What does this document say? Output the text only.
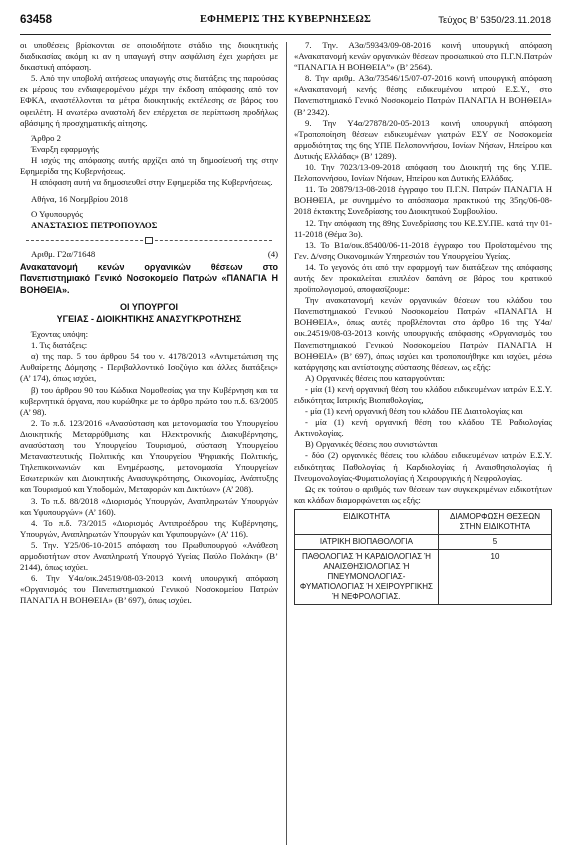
63458	ΕΦΗΜΕΡΙΣ ΤΗΣ ΚΥΒΕΡΝΗΣΕΩΣ	Τεύχος Β’ 5350/23.11.2018

οι υποθέσεις βρίσκονται σε οποιοδήποτε στάδιο της διοικητικής διαδικασίας ακόμη κι αν η υπαγωγή στην ασφάλιση έχει χωρήσει με δικαστική απόφαση.

5. Από την υποβολή αιτήσεως υπαγωγής στις διατάξεις της παρούσας εκ μέρους του ενδιαφερομένου μέχρι την έκδοση απόφασης από τον ΕΦΚΑ, αναστέλλονται τα μέτρα διοικητικής εκτέλεσης σε βάρος του οφειλέτη. Η ανωτέρω αναστολή δεν επέρχεται σε περίπτωση προδήλως αβάσιμης ή προσχηματικής αίτησης.

Άρθρο 2

Έναρξη εφαρμογής

Η ισχύς της απόφασης αυτής αρχίζει από τη δημοσίευσή της στην Εφημερίδα της Κυβερνήσεως.

Η απόφαση αυτή να δημοσιευθεί στην Εφημερίδα της Κυβερνήσεως.

Αθήνα, 16 Νοεμβρίου 2018

Ο Υφυπουργός

ΑΝΑΣΤΑΣΙΟΣ ΠΕΤΡΟΠΟΥΛΟΣ

Αριθμ. Γ2α/71648	(4)

Ανακατανομή κενών οργανικών θέσεων στο Πανεπιστημιακό Γενικό Νοσοκομείο Πατρών «ΠΑΝΑΓΙΑ Η ΒΟΗΘΕΙΑ».

ΟΙ ΥΠΟΥΡΓΟΙ

ΥΓΕΙΑΣ - ΔΙΟΙΚΗΤΙΚΗΣ ΑΝΑΣΥΓΚΡΟΤΗΣΗΣ

Έχοντας υπόψη:

1. Τις διατάξεις:

α) της παρ. 5 του άρθρου 54 του ν. 4178/2013 «Αντιμετώπιση της Αυθαίρετης Δόμησης - Περιβαλλοντικό Ισοζύγιο και άλλες διατάξεις» (Α’ 174), όπως ισχύει,

β) του άρθρου 90 του Κώδικα Νομοθεσίας για την Κυβέρνηση και τα κυβερνητικά όργανα, που κυρώθηκε με το άρθρο πρώτο του π.δ. 63/2005 (Α’ 98).

2. Το π.δ. 123/2016 «Ανασύσταση και μετονομασία του Υπουργείου Διοικητικής Μεταρρύθμισης και Ηλεκτρονικής Διακυβέρνησης, ανασύσταση του Υπουργείου Τουρισμού, σύσταση Υπουργείου Μεταναστευτικής Πολιτικής και Υπουργείου Ψηφιακής Πολιτικής, Τηλεπικοινωνιών και Ενημέρωσης, μετονομασία Υπουργείων Εσωτερικών και Διοικητικής Ανασυγκρότησης, Οικονομίας, Ανάπτυξης και Τουρισμού και Υποδομών, Μεταφορών και Δικτύων» (Α’ 208).

3. Το π.δ. 88/2018 «Διορισμός Υπουργών, Αναπληρωτών Υπουργών και Υφυπουργών» (Α’ 160).

4. Το π.δ. 73/2015 «Διορισμός Αντιπροέδρου της Κυβέρνησης, Υπουργών, Αναπληρωτών Υπουργών και Υφυπουργών» (Α’ 116).

5. Την. Υ25/06-10-2015 απόφαση του Πρωθυπουργού «Ανάθεση αρμοδιοτήτων στον Αναπληρωτή Υπουργό Υγείας Παύλο Πολάκη» (Β’ 2144), όπως ισχύει.

6. Την Υ4α/οικ.24519/08-03-2013 κοινή υπουργική απόφαση «Οργανισμός του Πανεπιστημιακού Γενικού Νοσοκομείου Πατρών ΠΑΝΑΓΙΑ Η ΒΟΗΘΕΙΑ» (Β’ 697), όπως ισχύει.

7. Την. Α3α/59343/09-08-2016 κοινή υπουργική απόφαση «Ανακατανομή κενών οργανικών θέσεων προσωπικού στο Π.Γ.Ν.Πατρών “ΠΑΝΑΓΙΑ Η ΒΟΗΘΕΙΑ”» (Β’ 2564).

8. Την αριθμ. Α3α/73546/15/07-07-2016 κοινή υπουργική απόφαση «Ανακατανομή κενής θέσης ειδικευμένου ιατρού Ε.Σ.Υ., στο Πανεπιστημιακό Γενικό Νοσοκομείο Πατρών ΠΑΝΑΓΙΑ Η ΒΟΗΘΕΙΑ» (Β’ 2342).

9. Την Υ4α/27878/20-05-2013 κοινή υπουργική απόφαση «Τροποποίηση θέσεων ειδικευμένων γιατρών ΕΣΥ σε Νοσοκομεία αρμοδιότητας της 6ης ΥΠΕ Πελοποννήσου, Ιονίων Νήσων, Ηπείρου και Δυτικής Ελλάδας» (Β’ 1289).

10. Την 7023/13-09-2018 απόφαση του Διοικητή της 6ης Υ.ΠΕ. Πελοποννήσου, Ιονίων Νήσων, Ηπείρου και Δυτικής Ελλάδας.

11. Το 20879/13-08-2018 έγγραφο του Π.Γ.Ν. Πατρών ΠΑΝΑΓΙΑ Η ΒΟΗΘΕΙΑ, με συνημμένο το απόσπασμα πρακτικού της 35ης/06-08-2018 έκτακτης Συνεδρίασης του Διοικητικού Συμβουλίου.

12. Την απόφαση της 89ης Συνεδρίασης του ΚΕ.ΣΥ.ΠΕ. κατά την 01-11-2018 (Θέμα 3ο).

13. Το Β1α/οικ.85400/06-11-2018 έγγραφο του Προϊσταμένου της Γεν. Δ/νσης Οικονομικών Υπηρεσιών του Υπουργείου Υγείας.

14. Το γεγονός ότι από την εφαρμογή των διατάξεων της απόφασης αυτής δεν προκαλείται επιπλέον δαπάνη σε βάρος του κρατικού προϋπολογισμού, αποφασίζουμε:

Την ανακατανομή κενών οργανικών θέσεων του κλάδου του Πανεπιστημιακού Γενικού Νοσοκομείου Πατρών «ΠΑΝΑΓΙΑ Η ΒΟΗΘΕΙΑ», όπως αυτές προβλέπονται στο άρθρο 16 της Υ4α/οικ.24519/08-03-2013 κοινής υπουργικής απόφασης «Οργανισμός του Πανεπιστημιακού Γενικού Νοσοκομείου Πατρών ΠΑΝΑΓΙΑ Η ΒΟΗΘΕΙΑ» (Β’ 697), όπως ισχύει και τροποποιήθηκε και ισχύει, μέσω κατάργησης και αντίστοιχης σύστασης θέσεων, ως εξής:

Α) Οργανικές θέσεις που καταργούνται:

- μία (1) κενή οργανική θέση του κλάδου ειδικευμένων ιατρών Ε.Σ.Υ. ειδικότητας Ιατρικής Βιοπαθολογίας,

- μία (1) κενή οργανική θέση του κλάδου ΠΕ Διαιτολογίας και

- μία (1) κενή οργανική θέση του κλάδου ΤΕ Ραδιολογίας Ακτινολογίας.

Β) Οργανικές θέσεις που συνιστώνται

- δύο (2) οργανικές θέσεις του κλάδου ειδικευμένων ιατρών Ε.Σ.Υ. ειδικότητας Παθολογίας ή Καρδιολογίας ή Αναισθησιολογίας ή Πνευμονολογίας-Φυματιολογίας ή Χειρουργικής ή Νεφρολογίας.

Ως εκ τούτου ο αριθμός των θέσεων των συγκεκριμένων ειδικοτήτων και κλάδων διαμορφώνεται ως εξής:

ΕΙΔΙΚΟΤΗΤΑ	ΔΙΑΜΟΡΦΩΣΗ ΘΕΣΕΩΝ ΣΤΗΝ ΕΙΔΙΚΟΤΗΤΑ
ΙΑΤΡΙΚΗ ΒΙΟΠΑΘΟΛΟΓΙΑ	5
ΠΑΘΟΛΟΓΙΑΣ Ή ΚΑΡΔΙΟΛΟΓΙΑΣ Ή ΑΝΑΙΣΘΗΣΙΟΛΟΓΙΑΣ Ή ΠΝΕΥΜΟΝΟΛΟΓΙΑΣ-ΦΥΜΑΤΙΟΛΟΓΙΑΣ Ή ΧΕΙΡΟΥΡΓΙΚΗΣ Ή ΝΕΦΡΟΛΟΓΙΑΣ.	10
